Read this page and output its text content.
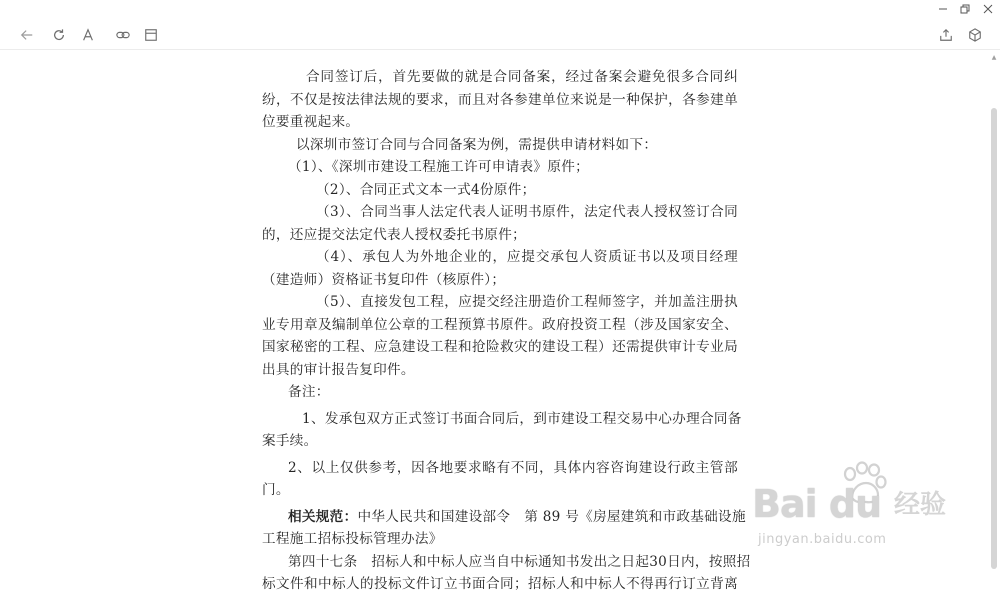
合同签订后，首先要做的就是合同备案，经过备案会避免很多合同纠

纷，不仅是按法律法规的要求，而且对各参建单位来说是一种保护，各参建单

位要重视起来。

以深圳市签订合同与合同备案为例，需提供申请材料如下：

（1）、《深圳市建设工程施工许可申请表》原件；

（2）、合同正式文本一式4份原件；

（3）、合同当事人法定代表人证明书原件，法定代表人授权签订合同

的，还应提交法定代表人授权委托书原件；

（4）、承包人为外地企业的，应提交承包人资质证书以及项目经理

（建造师）资格证书复印件（核原件）；

（5）、直接发包工程，应提交经注册造价工程师签字，并加盖注册执

业专用章及编制单位公章的工程预算书原件。政府投资工程（涉及国家安全、

国家秘密的工程、应急建设工程和抢险救灾的建设工程）还需提供审计专业局

出具的审计报告复印件。

备注：

1、发承包双方正式签订书面合同后，到市建设工程交易中心办理合同备

案手续。

2、以上仅供参考，因各地要求略有不同，具体内容咨询建设行政主管部

门。

相关规范：中华人民共和国建设部令　第 89 号《房屋建筑和市政基础设施

工程施工招标投标管理办法》

第四十七条　招标人和中标人应当自中标通知书发出之日起30日内，按照招

标文件和中标人的投标文件订立书面合同；招标人和中标人不得再行订立背离

▲
Bai du 经验
jingyan.baidu.com
